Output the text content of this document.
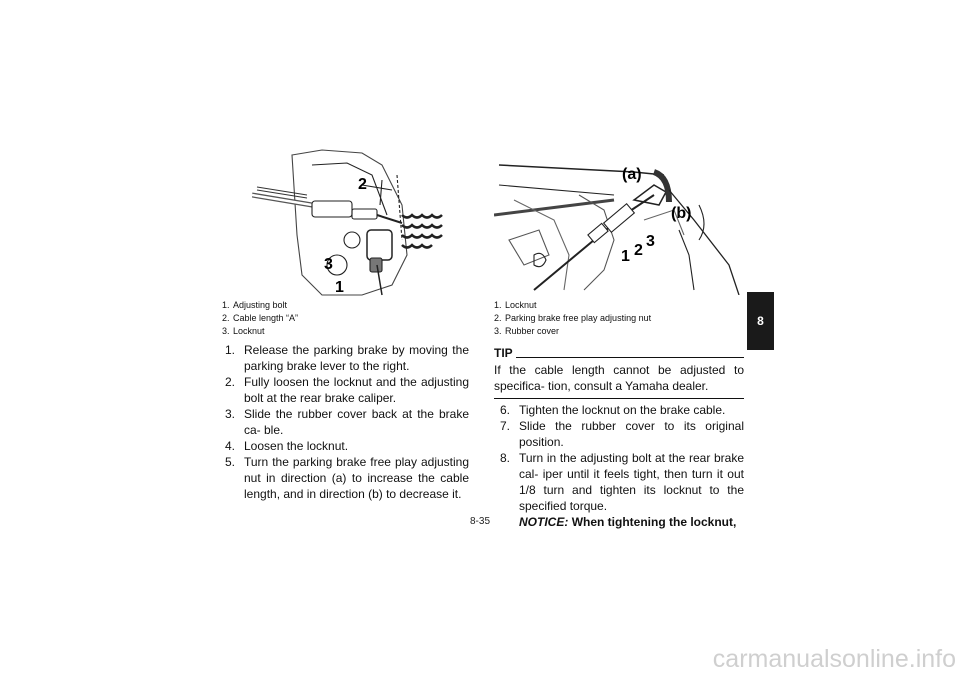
2
3
1
1. Adjusting bolt
2. Cable length “A”
3. Locknut
(a)
(b)
1 2
3
1. Locknut
2. Parking brake free play adjusting nut
3. Rubber cover
1. Release the parking brake by moving the parking brake lever to the right.
2. Fully loosen the locknut and the adjusting bolt at the rear brake caliper.
3. Slide the rubber cover back at the brake ca- ble.
4. Loosen the locknut.
5. Turn the parking brake free play adjusting nut in direction (a) to increase the cable length, and in direction (b) to decrease it.
TIP
If the cable length cannot be adjusted to specifica- tion, consult a Yamaha dealer.
6. Tighten the locknut on the brake cable.
7. Slide the rubber cover to its original position.
8. Turn in the adjusting bolt at the rear brake cal- iper until it feels tight, then turn it out 1/8 turn and tighten its locknut to the specified torque.
NOTICE: When tightening the locknut,
8
8-35
carmanualsonline.info
